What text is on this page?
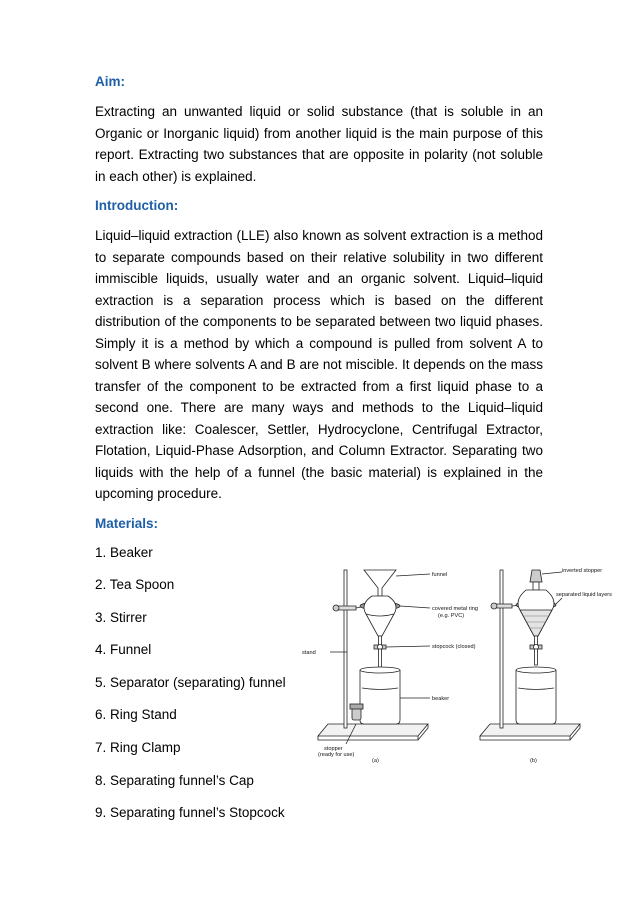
Aim:

Extracting an unwanted liquid or solid substance (that is soluble in an Organic or Inorganic liquid) from another liquid is the main purpose of this report. Extracting two substances that are opposite in polarity (not soluble in each other) is explained.

Introduction:

Liquid–liquid extraction (LLE) also known as solvent extraction is a method to separate compounds based on their relative solubility in two different immiscible liquids, usually water and an organic solvent. Liquid–liquid extraction is a separation process which is based on the different distribution of the components to be separated between two liquid phases. Simply it is a method by which a compound is pulled from solvent A to solvent B where solvents A and B are not miscible. It depends on the mass transfer of the component to be extracted from a first liquid phase to a second one. There are many ways and methods to the Liquid–liquid extraction like: Coalescer, Settler, Hydrocyclone, Centrifugal Extractor, Flotation, Liquid-Phase Adsorption, and Column Extractor. Separating two liquids with the help of a funnel (the basic material) is explained in the upcoming procedure.

Materials:

1. Beaker
2. Tea Spoon
3. Stirrer
4. Funnel
5. Separator (separating) funnel
6. Ring Stand
7. Ring Clamp
8. Separating funnel’s Cap
9. Separating funnel’s Stopcock
funnel
covered metal ring
(e.g. PVC)
stand
stopcock (closed)
beaker
stopper
(ready for use)
(a)
inverted stopper
separated liquid layers
(b)
